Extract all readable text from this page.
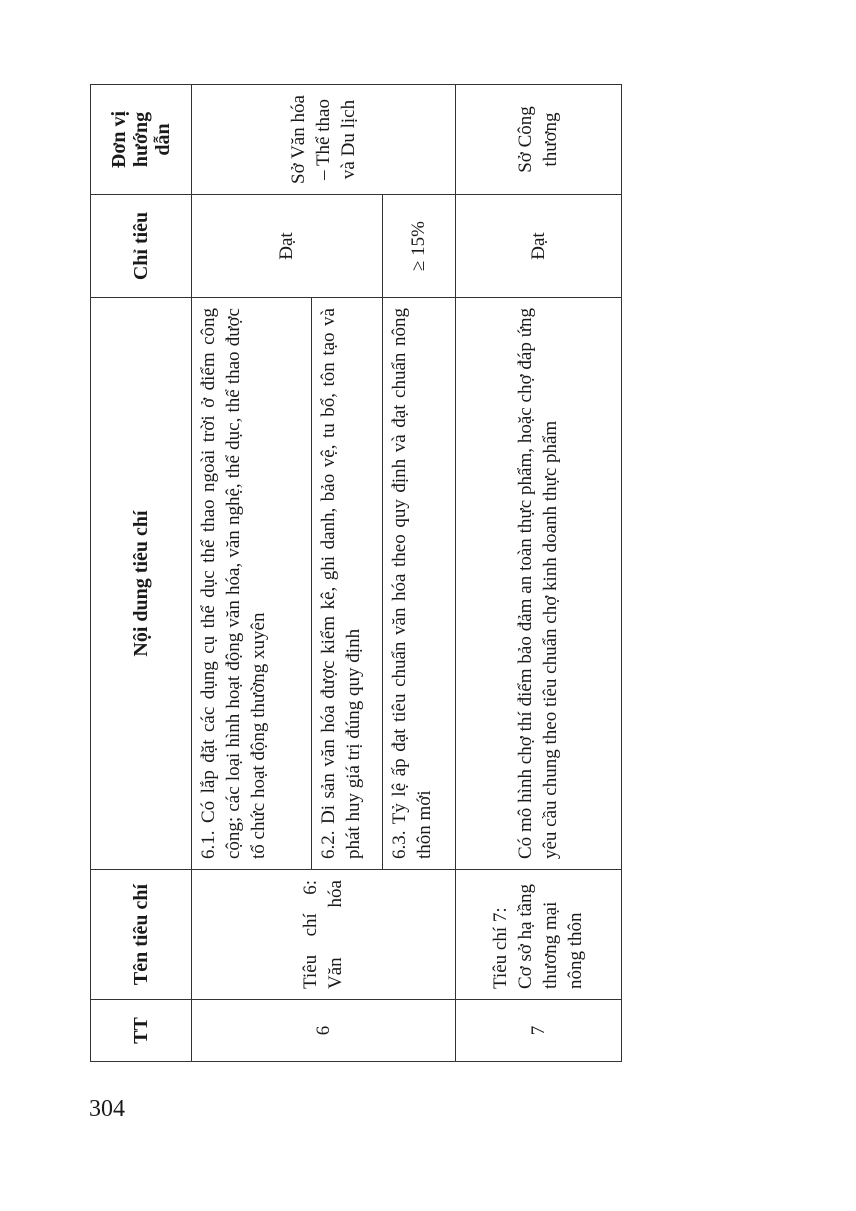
TT	Tên tiêu chí	Nội dung tiêu chí	Chỉ tiêu	Đơn vị hướng dẫn
6	Tiêu chí 6: Văn hóa	6.1. Có lắp đặt các dụng cụ thể dục thể thao ngoài trời ở điểm công cộng; các loại hình hoạt động văn hóa, văn nghệ, thể dục, thể thao được tổ chức hoạt động thường xuyên	Đạt	Sở Văn hóa – Thể thao và Du lịch
		6.2. Di sản văn hóa được kiểm kê, ghi danh, bảo vệ, tu bổ, tôn tạo và phát huy giá trị đúng quy định		
		6.3. Tỷ lệ ấp đạt tiêu chuẩn văn hóa theo quy định và đạt chuẩn nông thôn mới	≥ 15%	
7	Tiêu chí 7: Cơ sở hạ tầng thương mại nông thôn	Có mô hình chợ thí điểm bảo đảm an toàn thực phẩm, hoặc chợ đáp ứng yêu cầu chung theo tiêu chuẩn chợ kinh doanh thực phẩm	Đạt	Sở Công thương
304
